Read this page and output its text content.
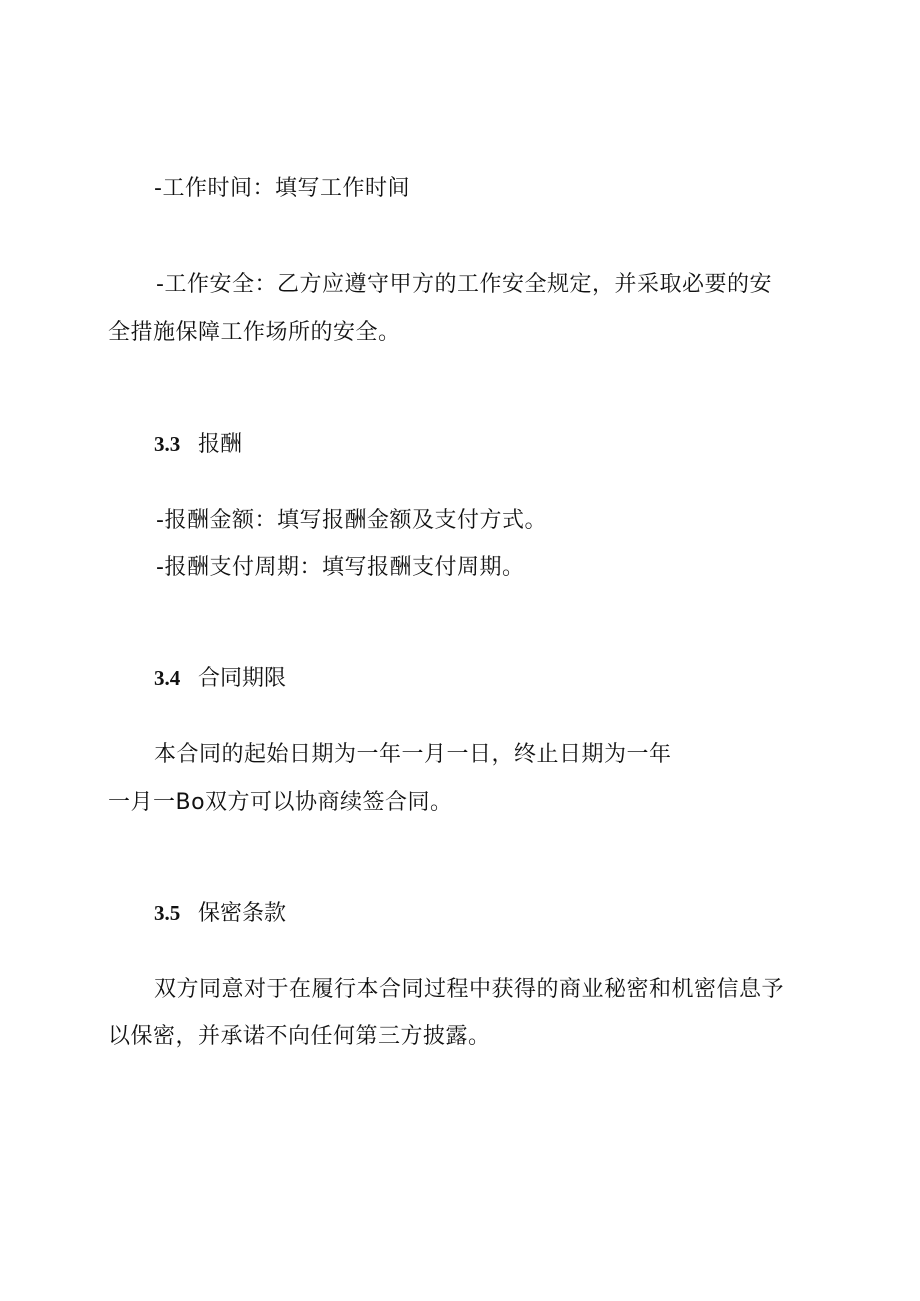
-工作时间：填写工作时间
-工作安全：乙方应遵守甲方的工作安全规定，并采取必要的安
全措施保障工作场所的安全。
3.3 报酬
-报酬金额：填写报酬金额及支付方式。
-报酬支付周期：填写报酬支付周期。
3.4 合同期限
本合同的起始日期为一年一月一日，终止日期为一年
一月一Bo双方可以协商续签合同。
3.5 保密条款
双方同意对于在履行本合同过程中获得的商业秘密和机密信息予
以保密，并承诺不向任何第三方披露。
